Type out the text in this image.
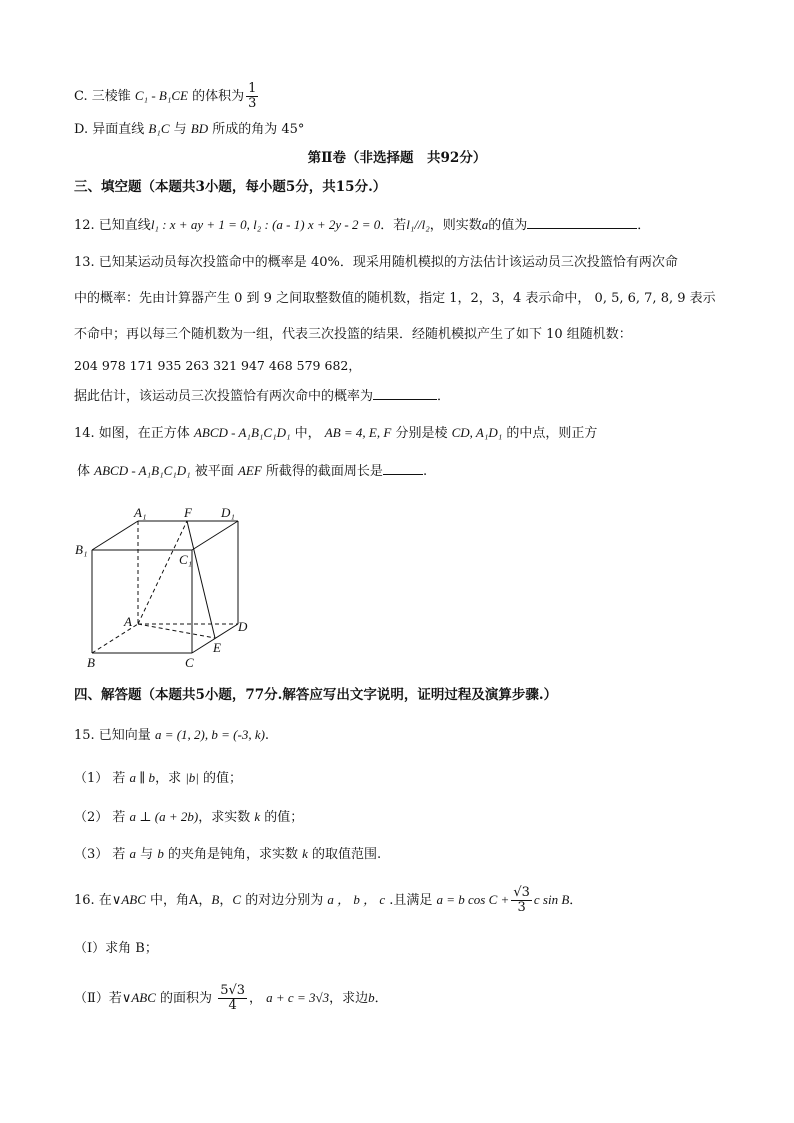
C. 三棱锥 C₁ - B₁CE 的体积为 $\frac{1}{3}$
D. 异面直线 B₁C 与 BD 所成的角为 45°
第Ⅱ卷（非选择题　共92分）
三、填空题（本题共3小题，每小题5分，共15分.）
12. 已知直线l₁ : x + ay + 1 = 0, l₂ : (a - 1) x + 2y - 2 = 0．若l₁//l₂，则实数a的值为	．
13. 已知某运动员每次投篮命中的概率是 40%．现采用随机模拟的方法估计该运动员三次投篮恰有两次命
中的概率：先由计算器产生 0 到 9 之间取整数值的随机数，指定 1，2，3，4 表示命中， 0, 5, 6, 7, 8, 9 表示
不命中；再以每三个随机数为一组，代表三次投篮的结果．经随机模拟产生了如下 10 组随机数：
204 978 171 935 263 321 947 468 579 682，
据此估计，该运动员三次投篮恰有两次命中的概率为	．
14. 如图，在正方体 ABCD - A₁B₁C₁D₁ 中， AB = 4, E, F 分别是棱 CD, A₁D₁ 的中点，则正方
体 ABCD - A₁B₁C₁D₁ 被平面 AEF 所截得的截面周长是	.
A₁	F D₁
B₁
C₁
A	D
E
B	C
四、解答题（本题共5小题，77分.解答应写出文字说明，证明过程及演算步骤.）
15. 已知向量 a = (1, 2), b = (-3, k).
（1） 若 a ∥ b，求 |b| 的值；
（2） 若 a ⊥ (a + 2b)，求实数 k 的值；
（3） 若 a 与 b 的夹角是钝角，求实数 k 的取值范围.
16. 在∨ABC 中，角A，B，C 的对边分别为 a ， b ， c .且满足 a = b $\cos C + \frac{√3}{3}$ c sin B．
（Ⅰ）求角 B；
（Ⅱ）若∨ABC 的面积为 $\frac{5√3}{4}$ ， a + c = 3√3，求边b．
